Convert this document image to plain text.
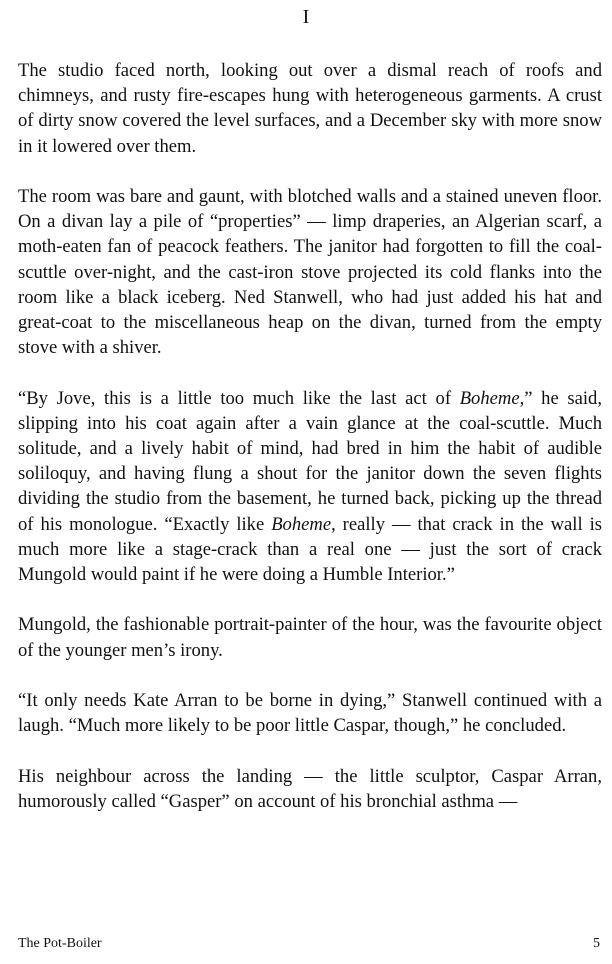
I

The studio faced north, looking out over a dismal reach of roofs and chimneys, and rusty fire-escapes hung with heterogeneous garments. A crust of dirty snow covered the level surfaces, and a December sky with more snow in it lowered over them.

The room was bare and gaunt, with blotched walls and a stained uneven floor. On a divan lay a pile of “properties” — limp draperies, an Algerian scarf, a moth-eaten fan of peacock feathers. The janitor had forgotten to fill the coal-scuttle over-night, and the cast-iron stove projected its cold flanks into the room like a black iceberg. Ned Stanwell, who had just added his hat and great-coat to the miscellaneous heap on the divan, turned from the empty stove with a shiver.

“By Jove, this is a little too much like the last act of Boheme,” he said, slipping into his coat again after a vain glance at the coal-scuttle. Much solitude, and a lively habit of mind, had bred in him the habit of audible soliloquy, and having flung a shout for the janitor down the seven flights dividing the studio from the basement, he turned back, picking up the thread of his monologue. “Exactly like Boheme, really — that crack in the wall is much more like a stage-crack than a real one — just the sort of crack Mungold would paint if he were doing a Humble Interior.”

Mungold, the fashionable portrait-painter of the hour, was the favourite object of the younger men’s irony.

“It only needs Kate Arran to be borne in dying,” Stanwell continued with a laugh. “Much more likely to be poor little Caspar, though,” he concluded.

His neighbour across the landing — the little sculptor, Caspar Arran, humorously called “Gasper” on account of his bronchial asthma —

The Pot-Boiler	5
